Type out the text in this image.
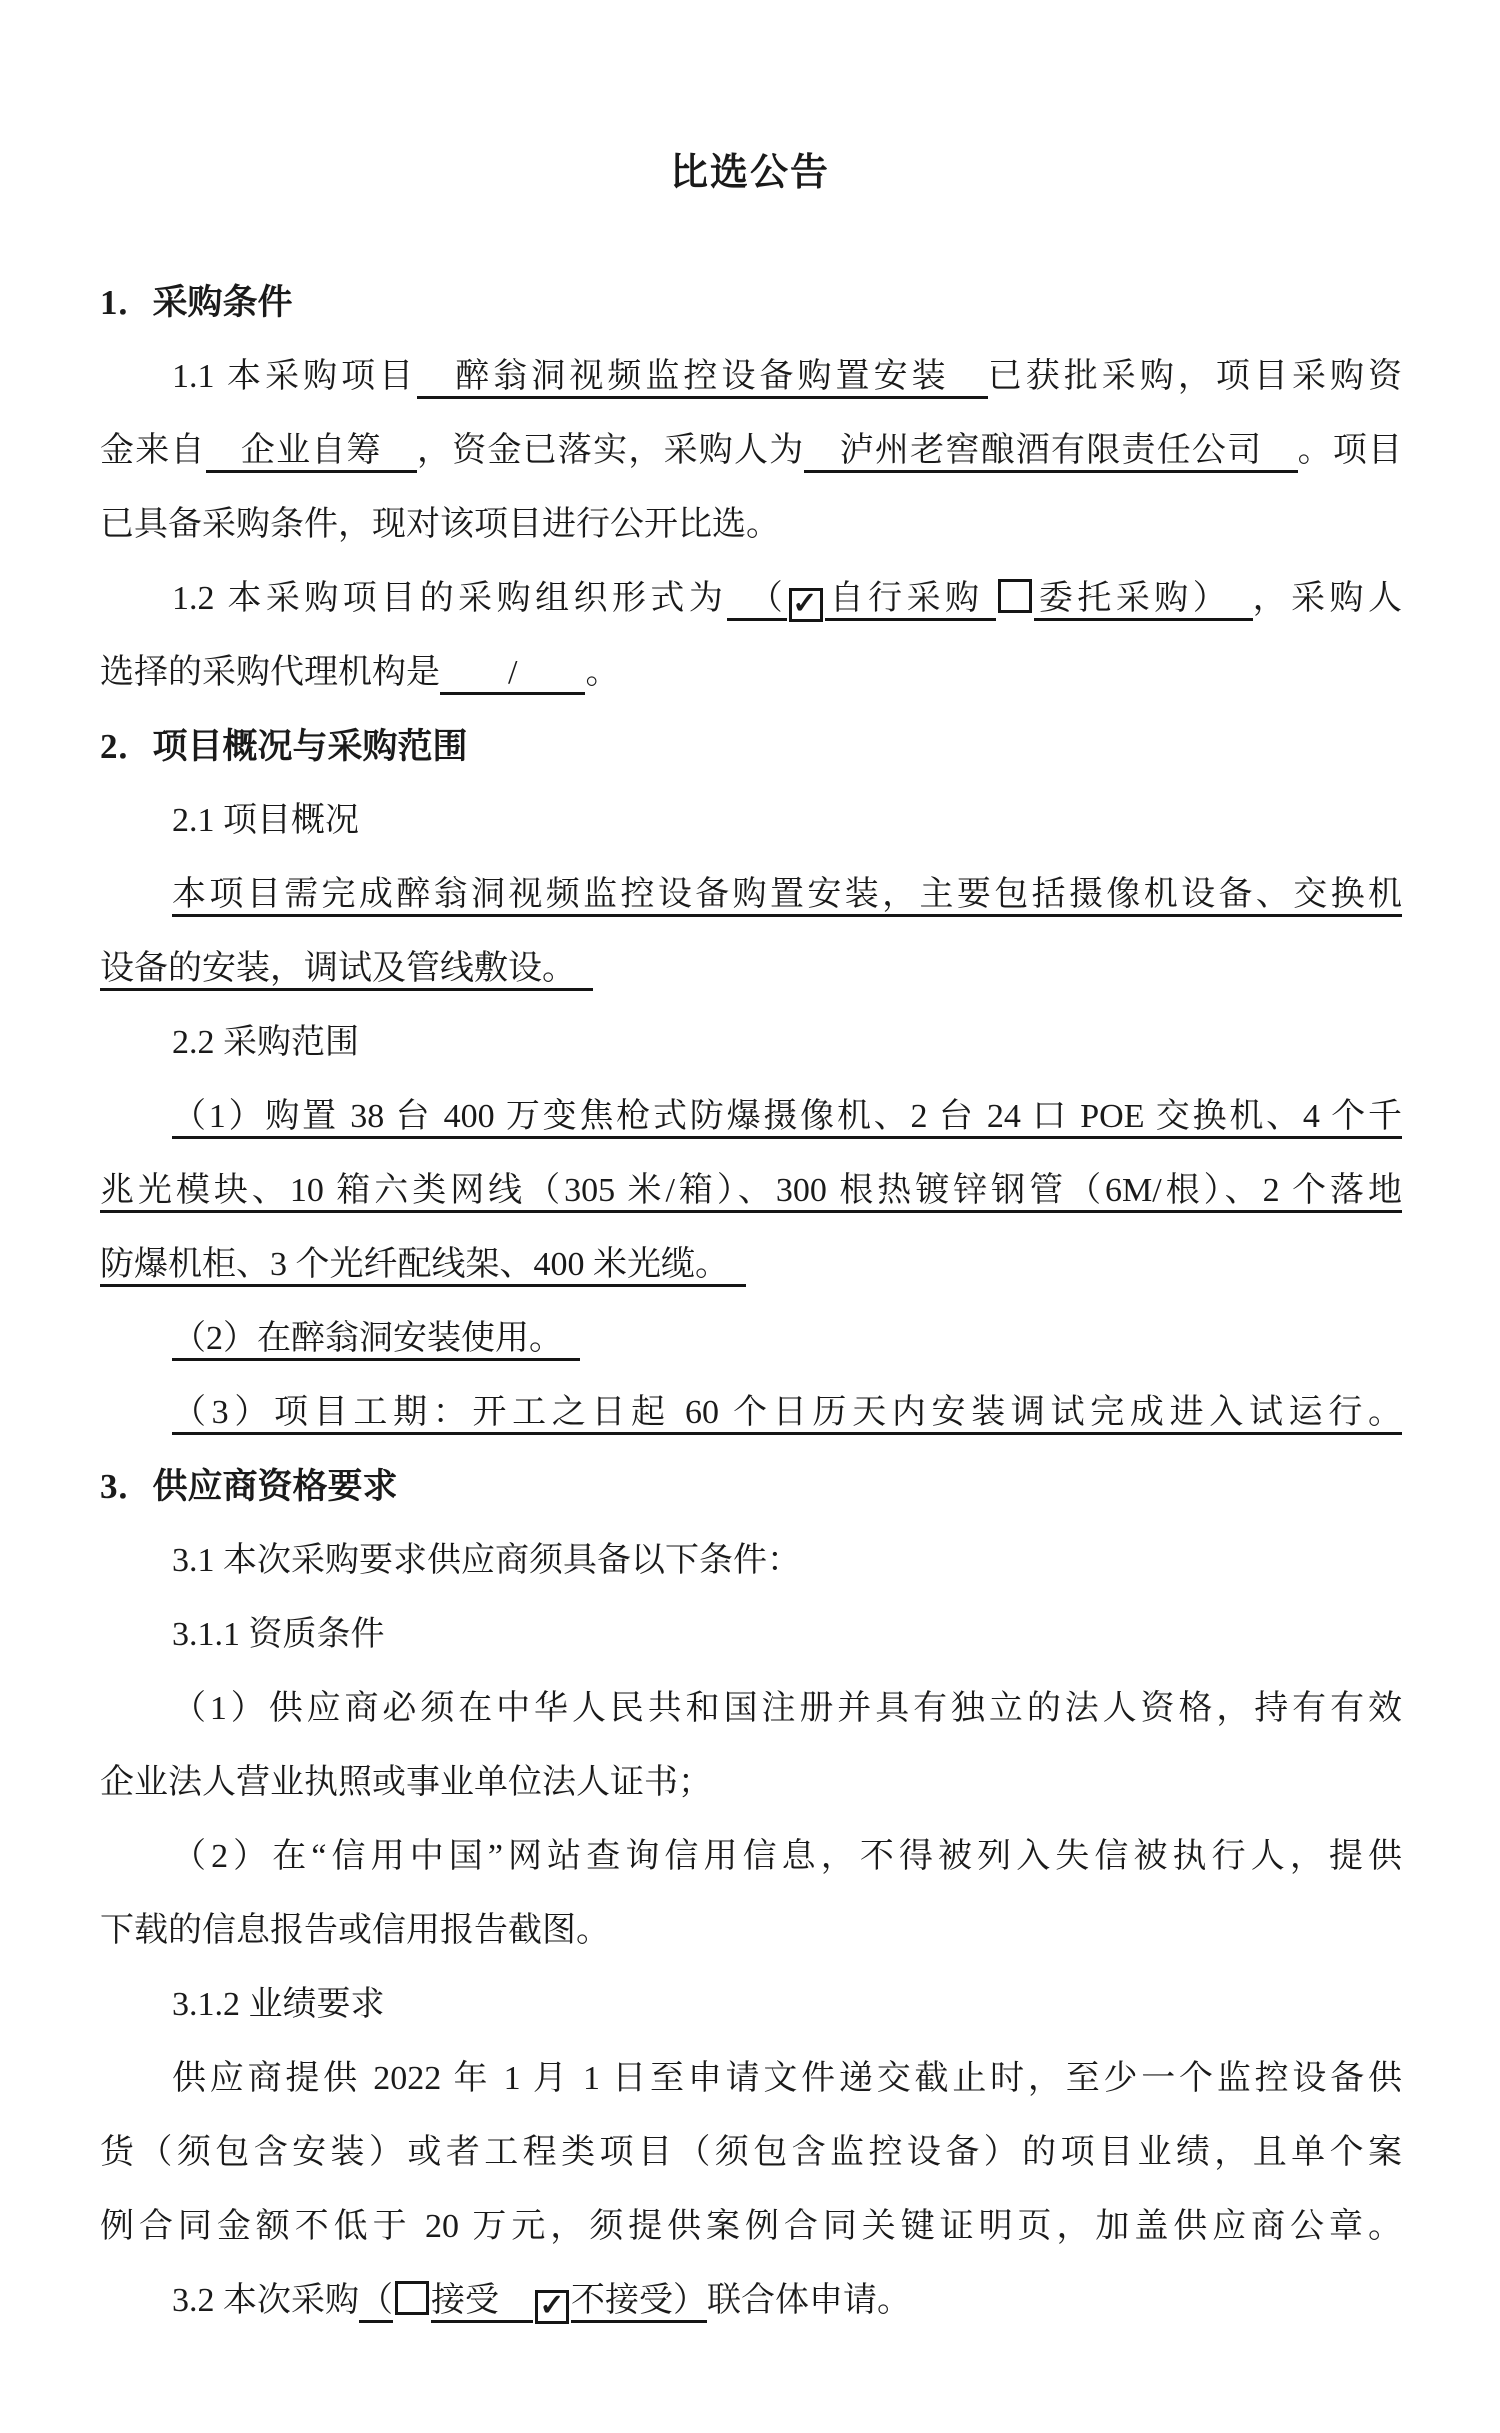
比选公告
1．采购条件
1.1 本采购项目　醉翁洞视频监控设备购置安装　已获批采购，项目采购资
金来自　企业自筹　，资金已落实，采购人为　泸州老窖酿酒有限责任公司　。项目
已具备采购条件，现对该项目进行公开比选。
1.2 本采购项目的采购组织形式为　（ ✓ 自行采购 委托采购）　，采购人
选择的采购代理机构是　　/　　。
2．项目概况与采购范围
2.1 项目概况
本项目需完成醉翁洞视频监控设备购置安装，主要包括摄像机设备、交换机
设备的安装，调试及管线敷设。　
2.2 采购范围
（1）购置 38 台 400 万变焦枪式防爆摄像机、2 台 24 口 POE 交换机、4 个千
兆光模块、10 箱六类网线（305 米/箱）、300 根热镀锌钢管（6M/根）、2 个落地
防爆机柜、3 个光纤配线架、400 米光缆。　
（2）在醉翁洞安装使用。　
（3）项目工期：开工之日起 60 个日历天内安装调试完成进入试运行。
3．供应商资格要求
3.1 本次采购要求供应商须具备以下条件：
3.1.1 资质条件
（1）供应商必须在中华人民共和国注册并具有独立的法人资格，持有有效
企业法人营业执照或事业单位法人证书；
（2）在“信用中国”网站查询信用信息，不得被列入失信被执行人，提供
下载的信息报告或信用报告截图。
3.1.2 业绩要求
供应商提供 2022 年 1 月 1 日至申请文件递交截止时，至少一个监控设备供
货（须包含安装）或者工程类项目（须包含监控设备）的项目业绩，且单个案
例合同金额不低于 20 万元，须提供案例合同关键证明页，加盖供应商公章。
3.2 本次采购（ 接受　✓ 不接受）联合体申请。
